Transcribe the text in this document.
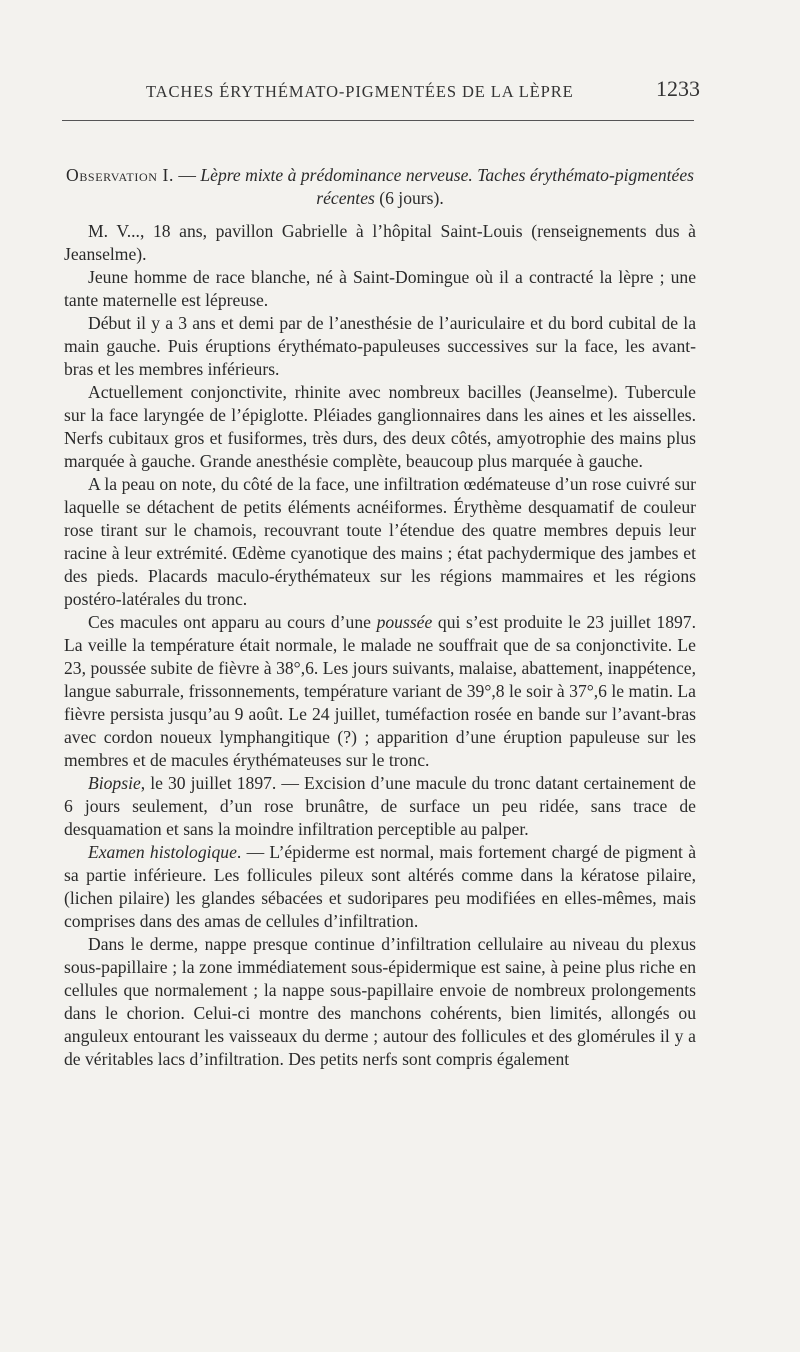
TACHES ÉRYTHÉMATO-PIGMENTÉES DE LA LÈPRE	1233

Observation I. — Lèpre mixte à prédominance nerveuse. Taches érythémato-pigmentées récentes (6 jours).

M. V..., 18 ans, pavillon Gabrielle à l’hôpital Saint-Louis (renseignements dus à Jeanselme).

Jeune homme de race blanche, né à Saint-Domingue où il a contracté la lèpre ; une tante maternelle est lépreuse.

Début il y a 3 ans et demi par de l’anesthésie de l’auriculaire et du bord cubital de la main gauche. Puis éruptions érythémato-papuleuses successives sur la face, les avant-bras et les membres inférieurs.

Actuellement conjonctivite, rhinite avec nombreux bacilles (Jeanselme). Tubercule sur la face laryngée de l’épiglotte. Pléiades ganglionnaires dans les aines et les aisselles. Nerfs cubitaux gros et fusiformes, très durs, des deux côtés, amyotrophie des mains plus marquée à gauche. Grande anesthésie complète, beaucoup plus marquée à gauche.

A la peau on note, du côté de la face, une infiltration œdémateuse d’un rose cuivré sur laquelle se détachent de petits éléments acnéiformes. Érythème desquamatif de couleur rose tirant sur le chamois, recouvrant toute l’étendue des quatre membres depuis leur racine à leur extrémité. Œdème cyanotique des mains ; état pachydermique des jambes et des pieds. Placards maculo-érythémateux sur les régions mammaires et les régions postéro-latérales du tronc.

Ces macules ont apparu au cours d’une poussée qui s’est produite le 23 juillet 1897. La veille la température était normale, le malade ne souffrait que de sa conjonctivite. Le 23, poussée subite de fièvre à 38°,6. Les jours suivants, malaise, abattement, inappétence, langue saburrale, frissonnements, température variant de 39°,8 le soir à 37°,6 le matin. La fièvre persista jusqu’au 9 août. Le 24 juillet, tuméfaction rosée en bande sur l’avant-bras avec cordon noueux lymphangitique (?) ; apparition d’une éruption papuleuse sur les membres et de macules érythémateuses sur le tronc.

Biopsie, le 30 juillet 1897. — Excision d’une macule du tronc datant certainement de 6 jours seulement, d’un rose brunâtre, de surface un peu ridée, sans trace de desquamation et sans la moindre infiltration perceptible au palper.

Examen histologique. — L’épiderme est normal, mais fortement chargé de pigment à sa partie inférieure. Les follicules pileux sont altérés comme dans la kératose pilaire, (lichen pilaire) les glandes sébacées et sudoripares peu modifiées en elles-mêmes, mais comprises dans des amas de cellules d’infiltration.

Dans le derme, nappe presque continue d’infiltration cellulaire au niveau du plexus sous-papillaire ; la zone immédiatement sous-épidermique est saine, à peine plus riche en cellules que normalement ; la nappe sous-papillaire envoie de nombreux prolongements dans le chorion. Celui-ci montre des manchons cohérents, bien limités, allongés ou anguleux entourant les vaisseaux du derme ; autour des follicules et des glomérules il y a de véritables lacs d’infiltration. Des petits nerfs sont compris également
